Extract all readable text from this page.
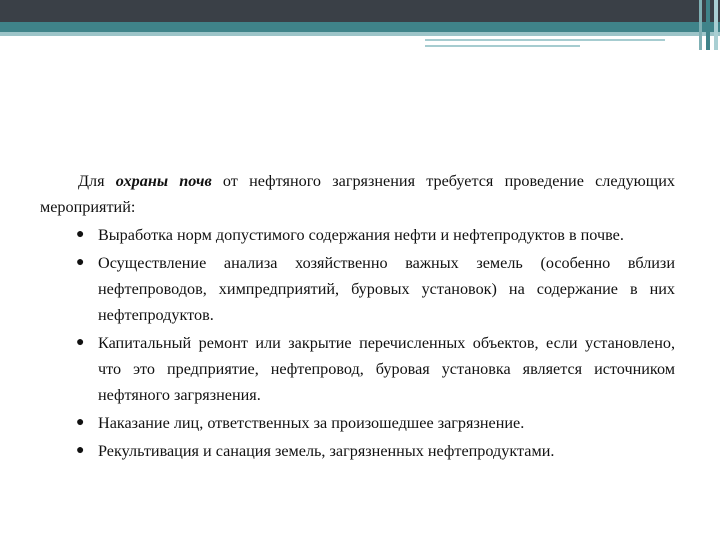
Для охраны почв от нефтяного загрязнения требуется проведение следующих мероприятий:

● Выработка норм допустимого содержания нефти и нефтепродуктов в почве.
● Осуществление анализа хозяйственно важных земель (особенно вблизи нефтепроводов, химпредприятий, буровых установок) на содержание в них нефтепродуктов.
● Капитальный ремонт или закрытие перечисленных объектов, если установлено, что это предприятие, нефтепровод, буровая установка является источником нефтяного загрязнения.
● Наказание лиц, ответственных за произошедшее загрязнение.
● Рекультивация и санация земель, загрязненных нефтепродуктами.
